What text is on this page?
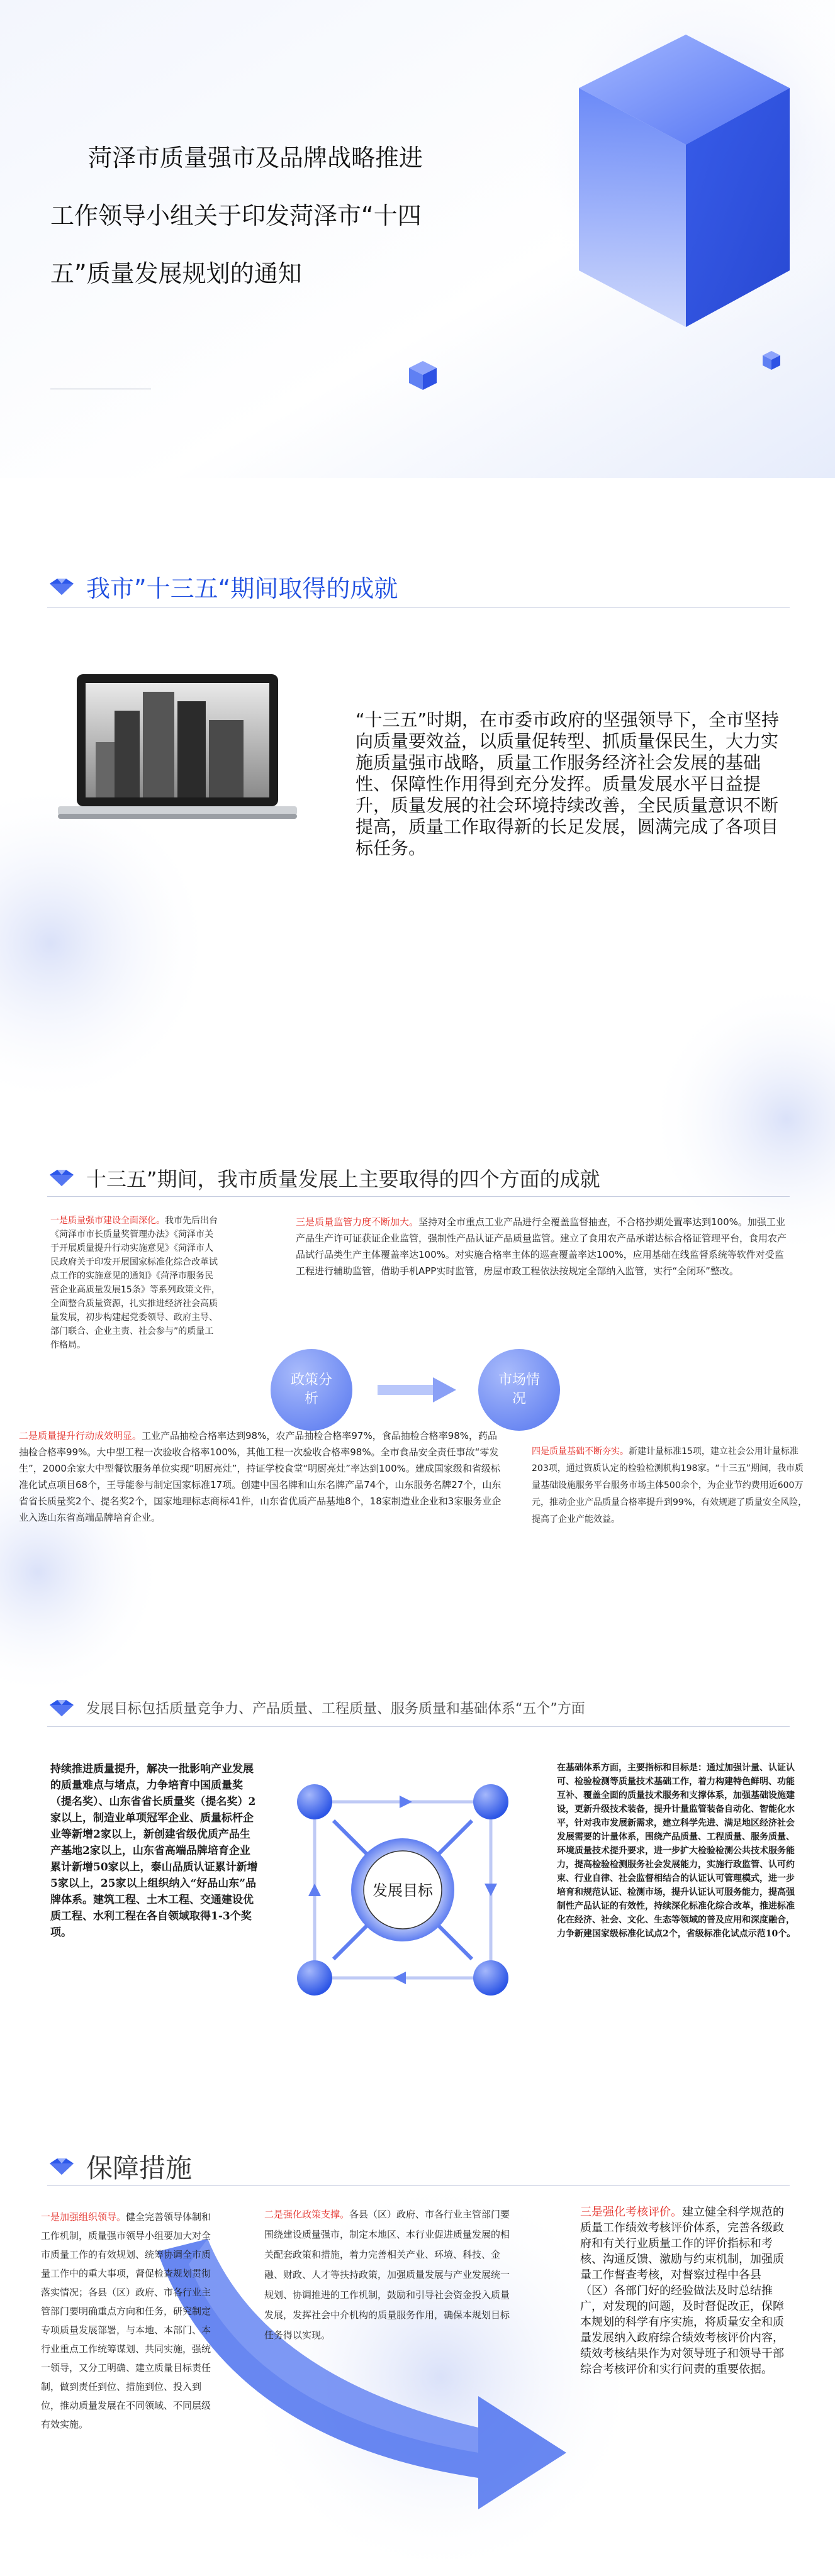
菏泽市质量强市及品牌战略推进
工作领导小组关于印发菏泽市“十四
五”质量发展规划的通知
我市”十三五“期间取得的成就
“十三五”时期，在市委市政府的坚强领导下，全市坚持向质量要效益，以质量促转型、抓质量保民生，大力实施质量强市战略，质量工作服务经济社会发展的基础性、保障性作用得到充分发挥。质量发展水平日益提升，质量发展的社会环境持续改善，全民质量意识不断提高，质量工作取得新的长足发展，圆满完成了各项目标任务。
十三五”期间，我市质量发展上主要取得的四个方面的成就
一是质量强市建设全面深化。我市先后出台《菏泽市市长质量奖管理办法》《菏泽市关于开展质量提升行动实施意见》《菏泽市人民政府关于印发开展国家标准化综合改革试点工作的实施意见的通知》《菏泽市服务民营企业高质量发展15条》等系列政策文件，全面整合质量资源，扎实推进经济社会高质量发展，初步构建起党委领导、政府主导、部门联合、企业主责、社会参与”的质量工作格局。
三是质量监管力度不断加大。坚持对全市重点工业产品进行全覆盖监督抽查，不合格抄期处置率达到100%。加强工业产品生产许可证获证企业监管，强制性产品认证产品质量监管。建立了食用农产品承诺达标合格证管理平台，食用农产品试行品类生产主体覆盖率达100%。对实施合格率主体的巡查覆盖率达100%，应用基础在线监督系统等软件对受监工程进行辅助监管，借助手机APP实时监管，房屋市政工程依法按规定全部纳入监管，实行“全闭环”整改。
政策分析
市场情况
二是质量提升行动成效明显。工业产品抽检合格率达到98%，农产品抽检合格率97%，食品抽检合格率98%，药品抽检合格率99%。大中型工程一次验收合格率100%，其他工程一次验收合格率98%。全市食品安全责任事故“零发生”，2000余家大中型餐饮服务单位实现“明厨亮灶”，持证学校食堂“明厨亮灶”率达到100%。建成国家级和省级标准化试点项目68个，王导能参与制定国家标准17项。创建中国名牌和山东名牌产品74个，山东服务名牌27个，山东省省长质量奖2个、提名奖2个，国家地理标志商标41件，山东省优质产品基地8个，18家制造业企业和3家服务业企业入选山东省高端品牌培育企业。
四是质量基础不断夯实。新建计量标准15项，建立社会公用计量标准203项，通过资质认定的检验检测机构198家。“十三五”期间，我市质量基础设施服务平台服务市场主体500余个，为企业节约费用近600万元，推动企业产品质量合格率提升到99%，有效规避了质量安全风险，提高了企业产能效益。
发展目标包括质量竞争力、产品质量、工程质量、服务质量和基础体系“五个”方面
持续推进质量提升，解决一批影响产业发展的质量难点与堵点，力争培育中国质量奖（提名奖）、山东省省长质量奖（提名奖）2家以上，制造业单项冠军企业、质量标杆企业等新增2家以上，新创建省级优质产品生产基地2家以上，山东省高端品牌培育企业累计新增50家以上，泰山品质认证累计新增5家以上，25家以上组织纳入“好品山东”品牌体系。建筑工程、土木工程、交通建设优质工程、水利工程在各自领域取得1-3个奖项。
发展目标
在基础体系方面，主要指标和目标是：通过加强计量、认证认可、检验检测等质量技术基础工作，着力构建特色鲜明、功能互补、覆盖全面的质量技术服务和支撑体系，加强基础设施建设，更新升级技术装备，提升计量监管装备自动化、智能化水平，针对我市发展新需求，建立科学先进、满足地区经济社会发展需要的计量体系，围绕产品质量、工程质量、服务质量、环境质量技术提升要求，进一步扩大检验检测公共技术服务能力，提高检验检测服务社会发展能力，实施行政监管、认可约束、行业自律、社会监督相结合的认证认可管理模式，进一步培育和规范认证、检测市场，提升认证认可服务能力，提高强制性产品认证的有效性，持续深化标准化综合改革，推进标准化在经济、社会、文化、生态等领域的普及应用和深度融合，力争新建国家级标准化试点2个，省级标准化试点示范10个。
保障措施
一是加强组织领导。健全完善领导体制和工作机制，质量强市领导小组要加大对全市质量工作的有效规划、统筹协调全市质量工作中的重大事项，督促检查规划贯彻落实情况；各县（区）政府、市各行业主管部门要明确重点方向和任务，研究制定专项质量发展部署，与本地、本部门、本行业重点工作统筹谋划、共同实施，强统一领导，又分工明确、建立质量目标责任制，做到责任到位、措施到位、投入到位，推动质量发展在不同领域、不同层级有效实施。
二是强化政策支撑。各县（区）政府、市各行业主管部门要围绕建设质量强市，制定本地区、本行业促进质量发展的相关配套政策和措施，着力完善相关产业、环境、科技、金融、财政、人才等扶持政策，加强质量发展与产业发展统一规划、协调推进的工作机制，鼓励和引导社会资金投入质量发展，发挥社会中介机构的质量服务作用，确保本规划目标任务得以实现。
三是强化考核评价。建立健全科学规范的质量工作绩效考核评价体系，完善各级政府和有关行业质量工作的评价指标和考核、沟通反馈、激励与约束机制，加强质量工作督查考核，对督察过程中各县（区）各部门好的经验做法及时总结推广，对发现的问题，及时督促改正，保障本规划的科学有序实施，将质量安全和质量发展纳入政府综合绩效考核评价内容，绩效考核结果作为对领导班子和领导干部综合考核评价和实行问责的重要依据。
